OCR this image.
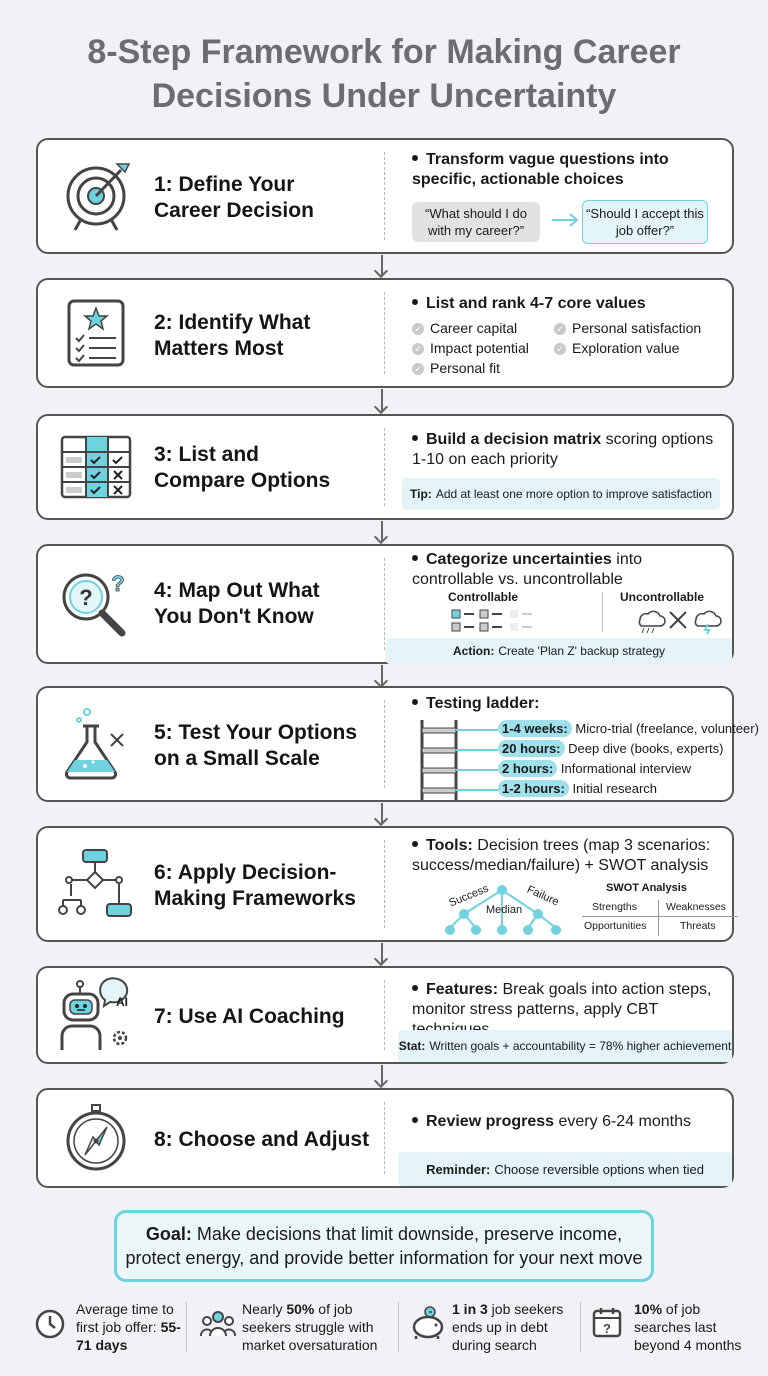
8-Step Framework for Making Career
Decisions Under Uncertainty
1: Define Your
Career Decision
Transform vague questions into specific, actionable choices
“What should I do with my career?”
“Should I accept this job offer?”
2: Identify What
Matters Most
List and rank 4-7 core values
✓ Career capital	✓ Personal satisfaction
✓ Impact potential	✓ Exploration value
✓ Personal fit
3: List and
Compare Options
Build a decision matrix scoring options 1-10 on each priority
Tip: Add at least one more option to improve satisfaction
?
? 4: Map Out What
You Don't Know
Categorize uncertainties into controllable vs. uncontrollable
Controllable	Uncontrollable
Action: Create 'Plan Z' backup strategy
5: Test Your Options
on a Small Scale
Testing ladder:
1-4 weeks: Micro-trial (freelance, volunteer)
20 hours: Deep dive (books, experts)
2 hours: Informational interview
1-2 hours: Initial research
6: Apply Decision-
Making Frameworks
Tools: Decision trees (map 3 scenarios: success/median/failure) + SWOT analysis
Success
Median
Failure	SWOT Analysis
Strengths	Weaknesses
Opportunities	Threats
AI
7: Use AI Coaching
Features: Break goals into action steps, monitor stress patterns, apply CBT
Stat: Written goals + accountability = 78% higher achievement
8: Choose and Adjust
Review progress every 6-24 months
Reminder: Choose reversible options when tied
Goal: Make decisions that limit downside, preserve income,
protect energy, and provide better information for your next move
Average time to first job offer: 55-71 days
Nearly 50% of job seekers struggle with market oversaturation
1 in 3 job seekers ends up in debt during search
?
10% of job searches last beyond 4 months
